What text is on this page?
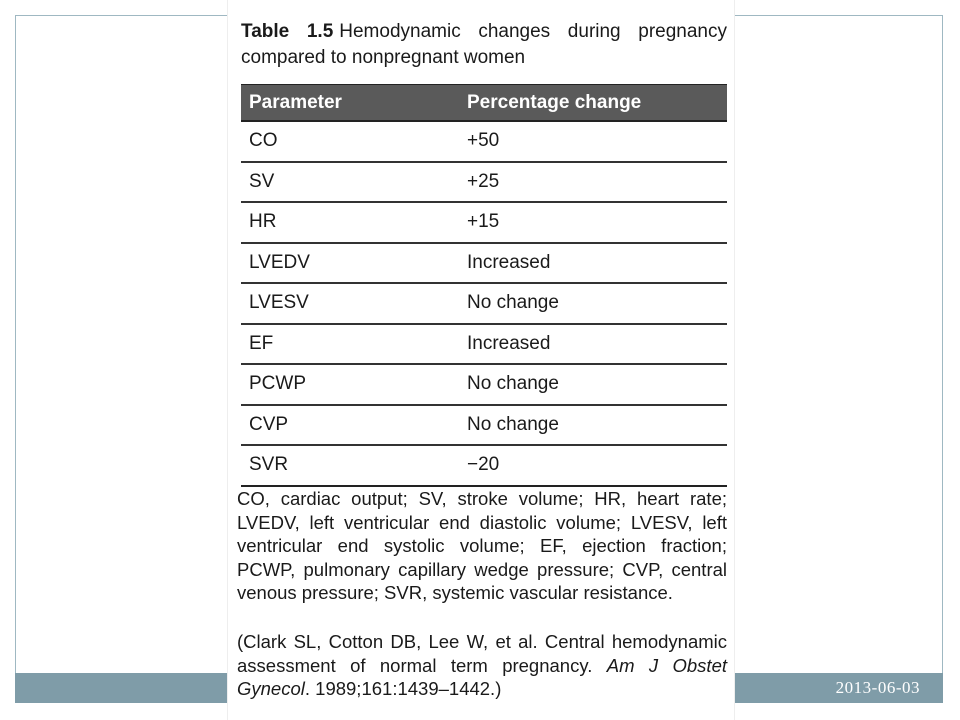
2013-06-03
Table 1.5 Hemodynamic changes during pregnancy compared to nonpregnant women
Parameter	Percentage change
CO	+50
SV	+25
HR	+15
LVEDV	Increased
LVESV	No change
EF	Increased
PCWP	No change
CVP	No change
SVR	−20
CO, cardiac output; SV, stroke volume; HR, heart rate; LVEDV, left ventricular end diastolic volume; LVESV, left ventricular end systolic volume; EF, ejection fraction; PCWP, pulmonary capillary wedge pressure; CVP, central venous pressure; SVR, systemic vascular resistance.
(Clark SL, Cotton DB, Lee W, et al. Central hemodynamic assessment of normal term pregnancy. Am J Obstet Gynecol. 1989;161:1439–1442.)
